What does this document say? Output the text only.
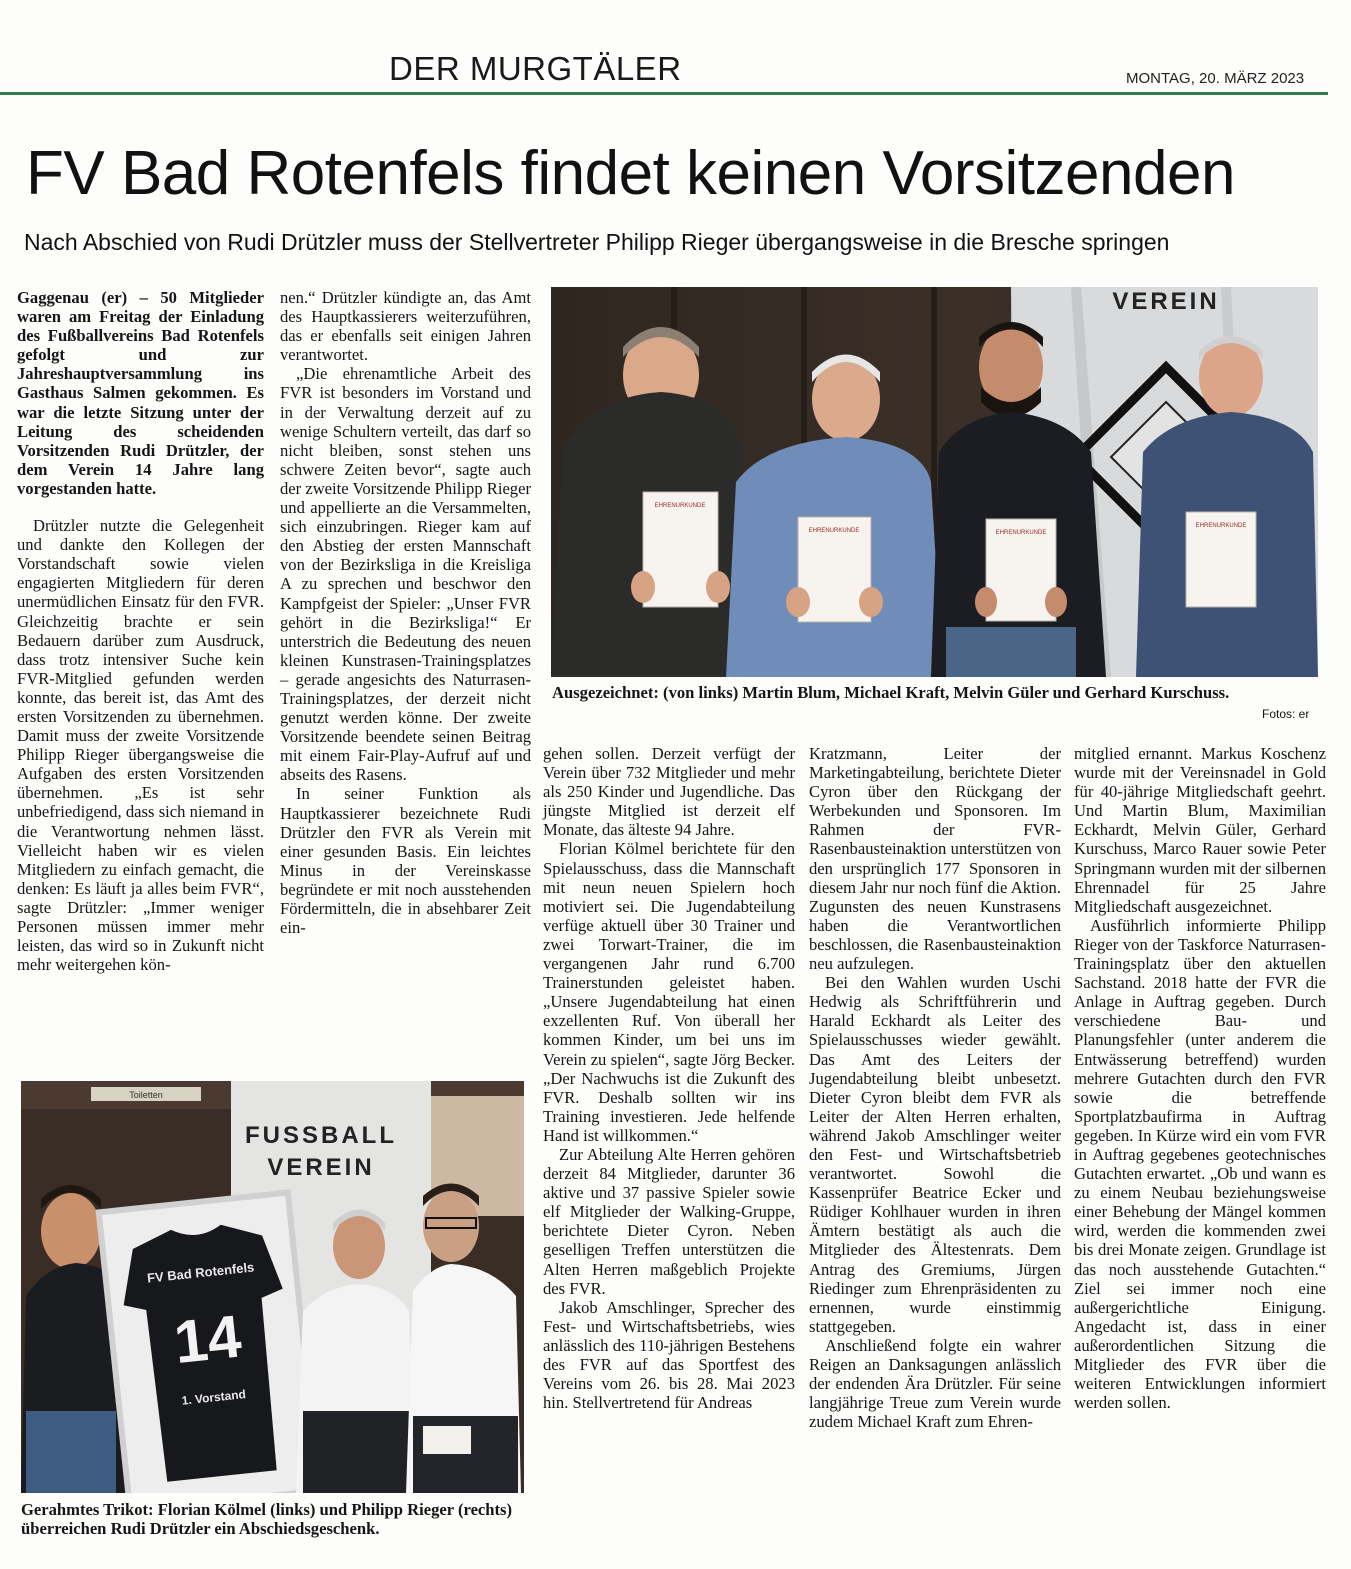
DER MURGTÄLER	MONTAG, 20. MÄRZ 2023
FV Bad Rotenfels findet keinen Vorsitzenden
Nach Abschied von Rudi Drützler muss der Stellvertreter Philipp Rieger übergangsweise in die Bresche springen

Gaggenau (er) – 50 Mitglieder waren am Freitag der Einladung des Fußballvereins Bad Rotenfels gefolgt und zur Jahreshauptversammlung ins Gasthaus Salmen gekommen. Es war die letzte Sitzung unter der Leitung des scheidenden Vorsitzenden Rudi Drützler, der dem Verein 14 Jahre lang vorgestanden hatte.

Drützler nutzte die Gelegenheit und dankte den Kollegen der Vorstandschaft sowie vielen engagierten Mitgliedern für deren unermüdlichen Einsatz für den FVR. Gleichzeitig brachte er sein Bedauern darüber zum Ausdruck, dass trotz intensiver Suche kein FVR-Mitglied gefunden werden konnte, das bereit ist, das Amt des ersten Vorsitzenden zu übernehmen. Damit muss der zweite Vorsitzende Philipp Rieger übergangsweise die Aufgaben des ersten Vorsitzenden übernehmen. „Es ist sehr unbefriedigend, dass sich niemand in die Verantwortung nehmen lässt. Vielleicht haben wir es vielen Mitgliedern zu einfach gemacht, die denken: Es läuft ja alles beim FVR“, sagte Drützler: „Immer weniger Personen müssen immer mehr leisten, das wird so in Zukunft nicht mehr weitergehen kön-

nen.“ Drützler kündigte an, das Amt des Hauptkassierers weiterzuführen, das er ebenfalls seit einigen Jahren verantwortet.

„Die ehrenamtliche Arbeit des FVR ist besonders im Vorstand und in der Verwaltung derzeit auf zu wenige Schultern verteilt, das darf so nicht bleiben, sonst stehen uns schwere Zeiten bevor“, sagte auch der zweite Vorsitzende Philipp Rieger und appellierte an die Versammelten, sich einzubringen. Rieger kam auf den Abstieg der ersten Mannschaft von der Bezirksliga in die Kreisliga A zu sprechen und beschwor den Kampfgeist der Spieler: „Unser FVR gehört in die Bezirksliga!“ Er unterstrich die Bedeutung des neuen kleinen Kunstrasen-Trainingsplatzes – gerade angesichts des Naturrasen-Trainingsplatzes, der derzeit nicht genutzt werden könne. Der zweite Vorsitzende beendete seinen Beitrag mit einem Fair-Play-Aufruf auf und abseits des Rasens.

In seiner Funktion als Hauptkassierer bezeichnete Rudi Drützler den FVR als Verein mit einer gesunden Basis. Ein leichtes Minus in der Vereinskasse begründete er mit noch ausstehenden Fördermitteln, die in absehbarer Zeit ein-

VEREIN
EHRENURKUNDE
EHRENURKUNDE	EHRENURKUNDE
EHRENURKUNDE
Ausgezeichnet: (von links) Martin Blum, Michael Kraft, Melvin Güler und Gerhard Kurschuss.
Fotos: er
Toiletten
FUSSBALL
VEREIN
FV Bad Rotenfels
14
1. Vorstand
Gerahmtes Trikot: Florian Kölmel (links) und Philipp Rieger (rechts) überreichen Rudi Drützler ein Abschiedsgeschenk.

gehen sollen. Derzeit verfügt der Verein über 732 Mitglieder und mehr als 250 Kinder und Jugendliche. Das jüngste Mitglied ist derzeit elf Monate, das älteste 94 Jahre.

Florian Kölmel berichtete für den Spielausschuss, dass die Mannschaft mit neun neuen Spielern hoch motiviert sei. Die Jugendabteilung verfüge aktuell über 30 Trainer und zwei Torwart-Trainer, die im vergangenen Jahr rund 6.700 Trainerstunden geleistet haben. „Unsere Jugendabteilung hat einen exzellenten Ruf. Von überall her kommen Kinder, um bei uns im Verein zu spielen“, sagte Jörg Becker. „Der Nachwuchs ist die Zukunft des FVR. Deshalb sollten wir ins Training investieren. Jede helfende Hand ist willkommen.“

Zur Abteilung Alte Herren gehören derzeit 84 Mitglieder, darunter 36 aktive und 37 passive Spieler sowie elf Mitglieder der Walking-Gruppe, berichtete Dieter Cyron. Neben geselligen Treffen unterstützen die Alten Herren maßgeblich Projekte des FVR.

Jakob Amschlinger, Sprecher des Fest- und Wirtschaftsbetriebs, wies anlässlich des 110-jährigen Bestehens des FVR auf das Sportfest des Vereins vom 26. bis 28. Mai 2023 hin. Stellvertretend für Andreas

Kratzmann, Leiter der Marketingabteilung, berichtete Dieter Cyron über den Rückgang der Werbekunden und Sponsoren. Im Rahmen der FVR-Rasenbausteinaktion unterstützen von den ursprünglich 177 Sponsoren in diesem Jahr nur noch fünf die Aktion. Zugunsten des neuen Kunstrasens haben die Verantwortlichen beschlossen, die Rasenbausteinaktion neu aufzulegen.

Bei den Wahlen wurden Uschi Hedwig als Schriftführerin und Harald Eckhardt als Leiter des Spielausschusses wieder gewählt. Das Amt des Leiters der Jugendabteilung bleibt unbesetzt. Dieter Cyron bleibt dem FVR als Leiter der Alten Herren erhalten, während Jakob Amschlinger weiter den Fest- und Wirtschaftsbetrieb verantwortet. Sowohl die Kassenprüfer Beatrice Ecker und Rüdiger Kohlhauer wurden in ihren Ämtern bestätigt als auch die Mitglieder des Ältestenrats. Dem Antrag des Gremiums, Jürgen Riedinger zum Ehrenpräsidenten zu ernennen, wurde einstimmig stattgegeben.

Anschließend folgte ein wahrer Reigen an Danksagungen anlässlich der endenden Ära Drützler. Für seine langjährige Treue zum Verein wurde zudem Michael Kraft zum Ehren-

mitglied ernannt. Markus Koschenz wurde mit der Vereinsnadel in Gold für 40-jährige Mitgliedschaft geehrt. Und Martin Blum, Maximilian Eckhardt, Melvin Güler, Gerhard Kurschuss, Marco Rauer sowie Peter Springmann wurden mit der silbernen Ehrennadel für 25 Jahre Mitgliedschaft ausgezeichnet.

Ausführlich informierte Philipp Rieger von der Taskforce Naturrasen-Trainingsplatz über den aktuellen Sachstand. 2018 hatte der FVR die Anlage in Auftrag gegeben. Durch verschiedene Bau- und Planungsfehler (unter anderem die Entwässerung betreffend) wurden mehrere Gutachten durch den FVR sowie die betreffende Sportplatzbaufirma in Auftrag gegeben. In Kürze wird ein vom FVR in Auftrag gegebenes geotechnisches Gutachten erwartet. „Ob und wann es zu einem Neubau beziehungsweise einer Behebung der Mängel kommen wird, werden die kommenden zwei bis drei Monate zeigen. Grundlage ist das noch ausstehende Gutachten.“ Ziel sei immer noch eine außergerichtliche Einigung. Angedacht ist, dass in einer außerordentlichen Sitzung die Mitglieder des FVR über die weiteren Entwicklungen informiert werden sollen.
